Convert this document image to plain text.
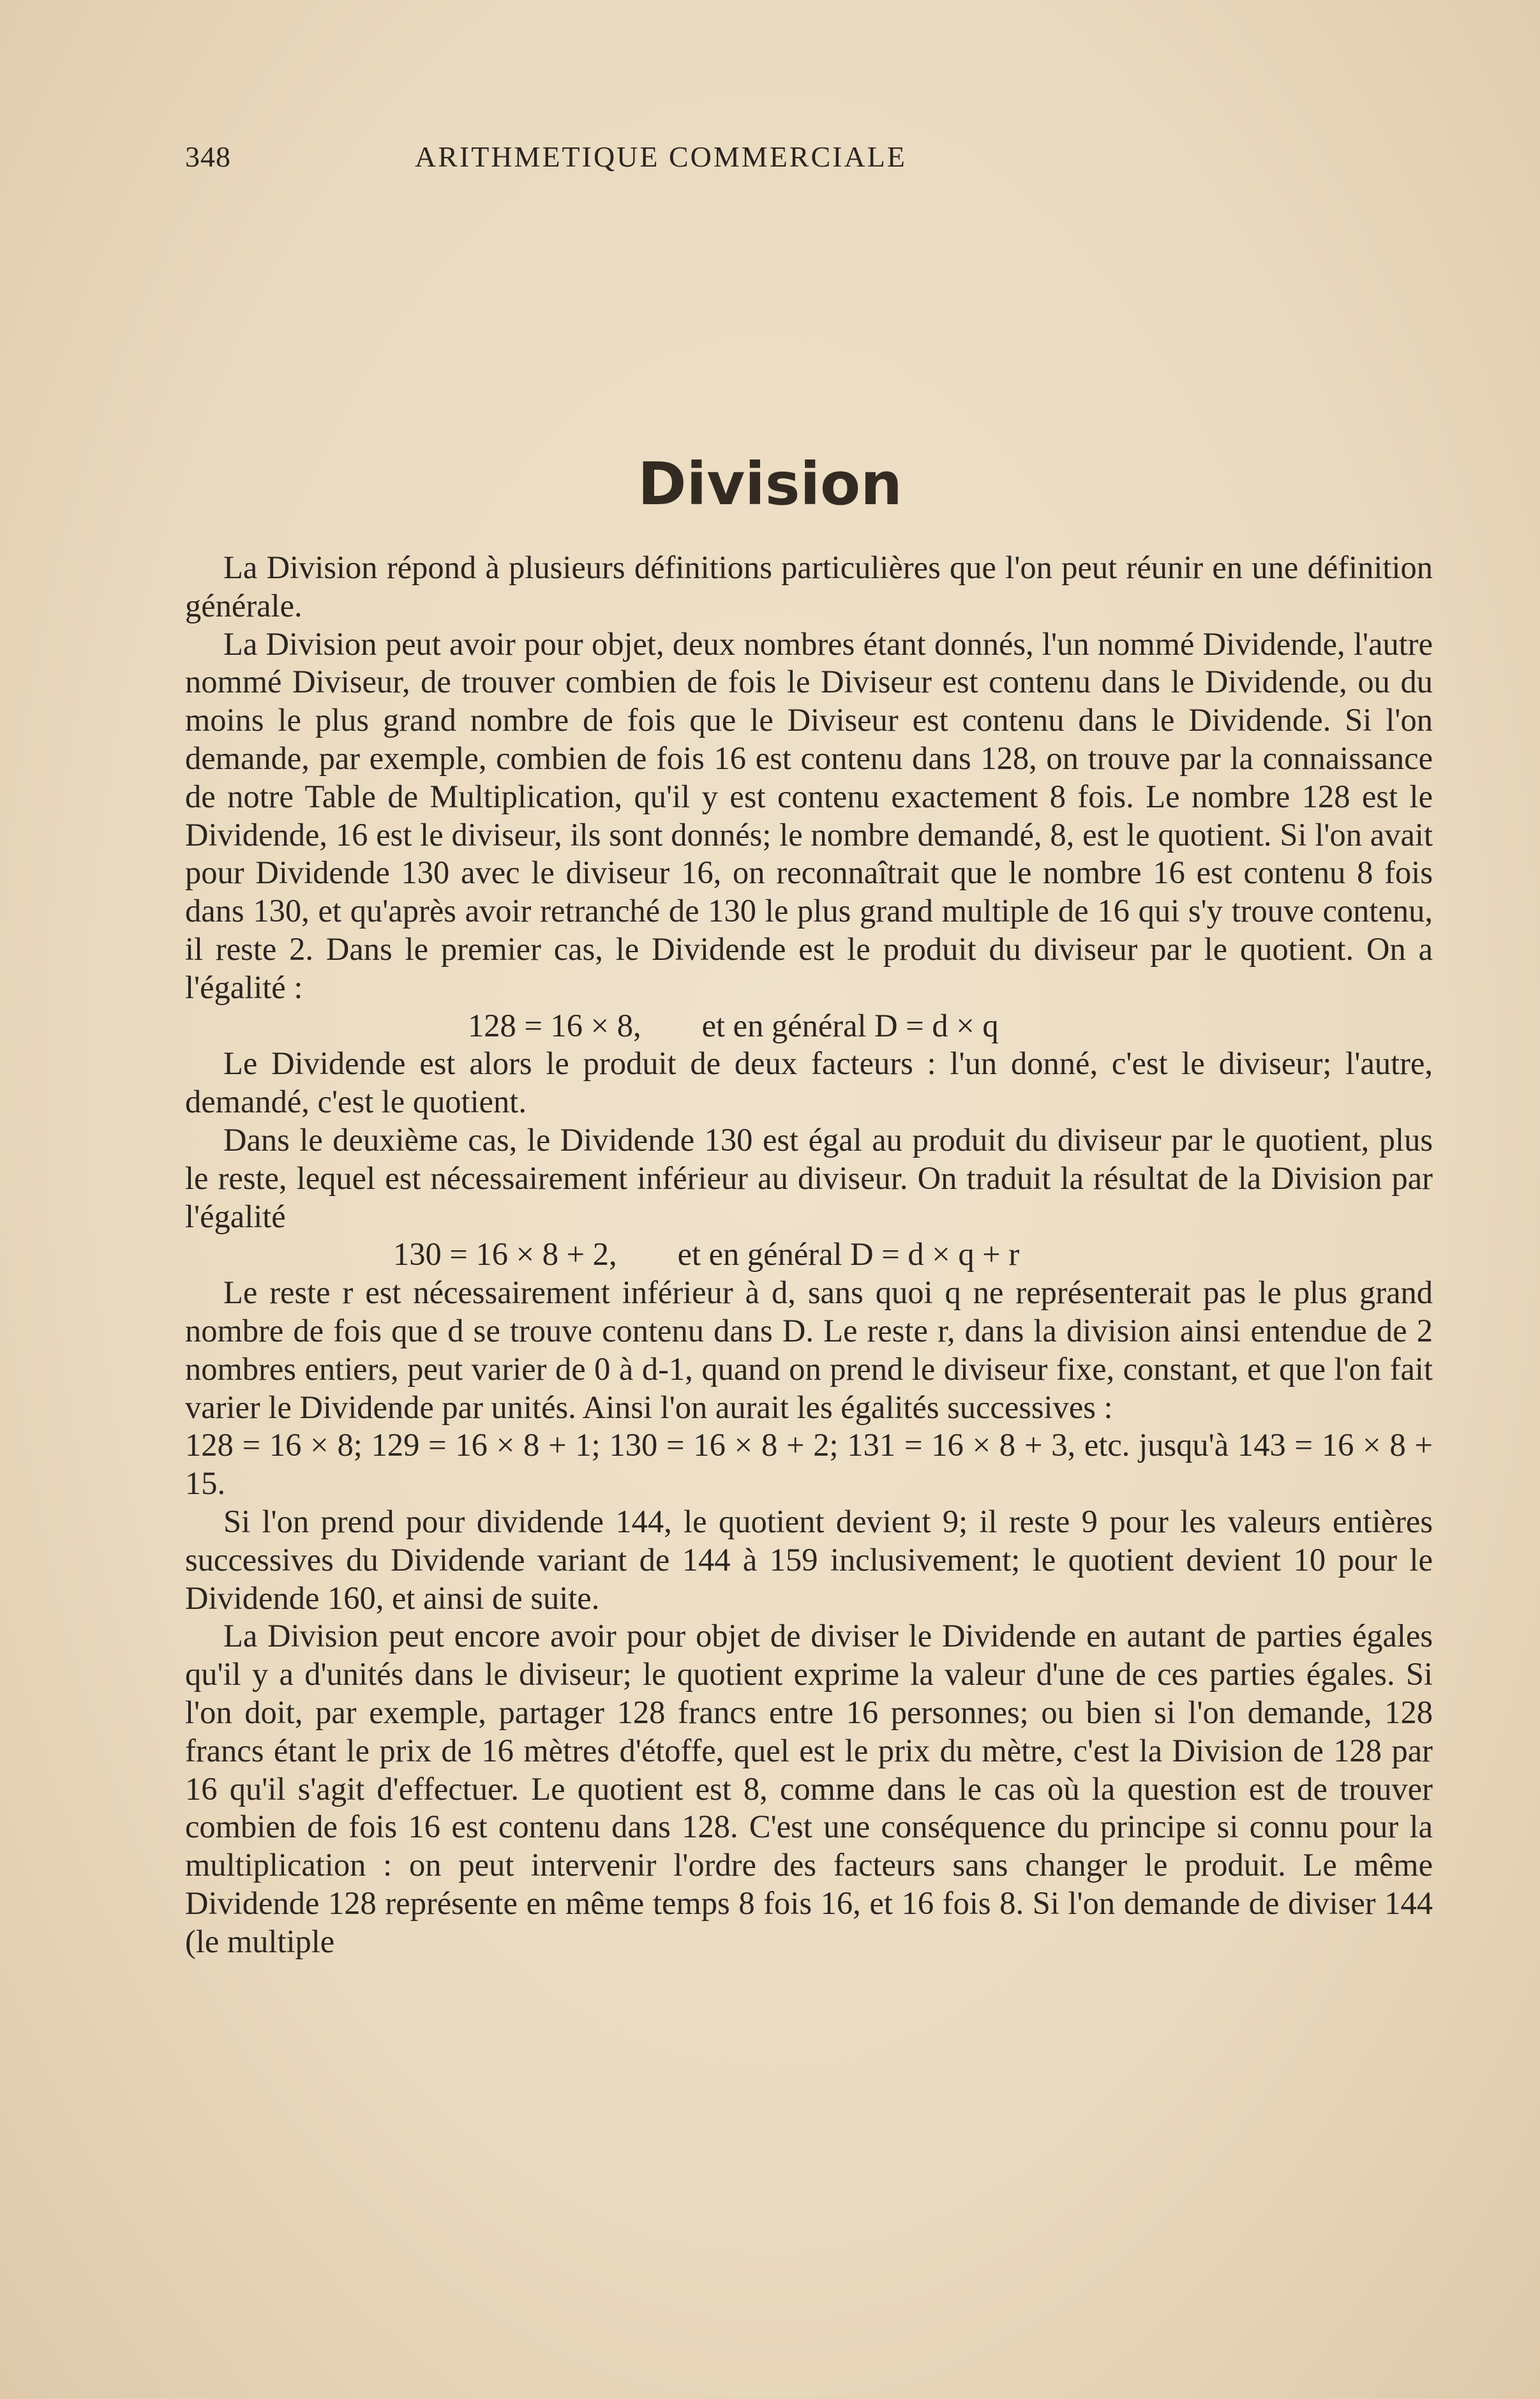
348	ARITHMETIQUE COMMERCIALE
Division

La Division répond à plusieurs définitions particulières que l'on peut réunir en une définition générale.

La Division peut avoir pour objet, deux nombres étant donnés, l'un nommé Dividende, l'autre nommé Diviseur, de trouver combien de fois le Diviseur est contenu dans le Dividende, ou du moins le plus grand nombre de fois que le Diviseur est contenu dans le Dividende. Si l'on demande, par exemple, combien de fois 16 est contenu dans 128, on trouve par la connaissance de notre Table de Multiplication, qu'il y est contenu exactement 8 fois. Le nombre 128 est le Dividende, 16 est le diviseur, ils sont donnés; le nombre demandé, 8, est le quotient. Si l'on avait pour Dividende 130 avec le diviseur 16, on reconnaîtrait que le nombre 16 est contenu 8 fois dans 130, et qu'après avoir retranché de 130 le plus grand multiple de 16 qui s'y trouve contenu, il reste 2. Dans le premier cas, le Dividende est le produit du diviseur par le quotient. On a l'égalité :

128 = 16 × 8, et en général D = d × q

Le Dividende est alors le produit de deux facteurs : l'un donné, c'est le diviseur; l'autre, demandé, c'est le quotient.

Dans le deuxième cas, le Dividende 130 est égal au produit du diviseur par le quotient, plus le reste, lequel est nécessairement inférieur au diviseur. On traduit la résultat de la Division par l'égalité

130 = 16 × 8 + 2, et en général D = d × q + r

Le reste r est nécessairement inférieur à d, sans quoi q ne représenterait pas le plus grand nombre de fois que d se trouve contenu dans D. Le reste r, dans la division ainsi entendue de 2 nombres entiers, peut varier de 0 à d-1, quand on prend le diviseur fixe, constant, et que l'on fait varier le Dividende par unités. Ainsi l'on aurait les égalités successives :

128 = 16 × 8; 129 = 16 × 8 + 1; 130 = 16 × 8 + 2; 131 = 16 × 8 + 3, etc. jusqu'à 143 = 16 × 8 + 15.

Si l'on prend pour dividende 144, le quotient devient 9; il reste 9 pour les valeurs entières successives du Dividende variant de 144 à 159 inclusivement; le quotient devient 10 pour le Dividende 160, et ainsi de suite.

La Division peut encore avoir pour objet de diviser le Dividende en autant de parties égales qu'il y a d'unités dans le diviseur; le quotient exprime la valeur d'une de ces parties égales. Si l'on doit, par exemple, partager 128 francs entre 16 personnes; ou bien si l'on demande, 128 francs étant le prix de 16 mètres d'étoffe, quel est le prix du mètre, c'est la Division de 128 par 16 qu'il s'agit d'effectuer. Le quotient est 8, comme dans le cas où la question est de trouver combien de fois 16 est contenu dans 128. C'est une conséquence du principe si connu pour la multiplication : on peut intervenir l'ordre des facteurs sans changer le produit. Le même Dividende 128 représente en même temps 8 fois 16, et 16 fois 8. Si l'on demande de diviser 144 (le multiple
